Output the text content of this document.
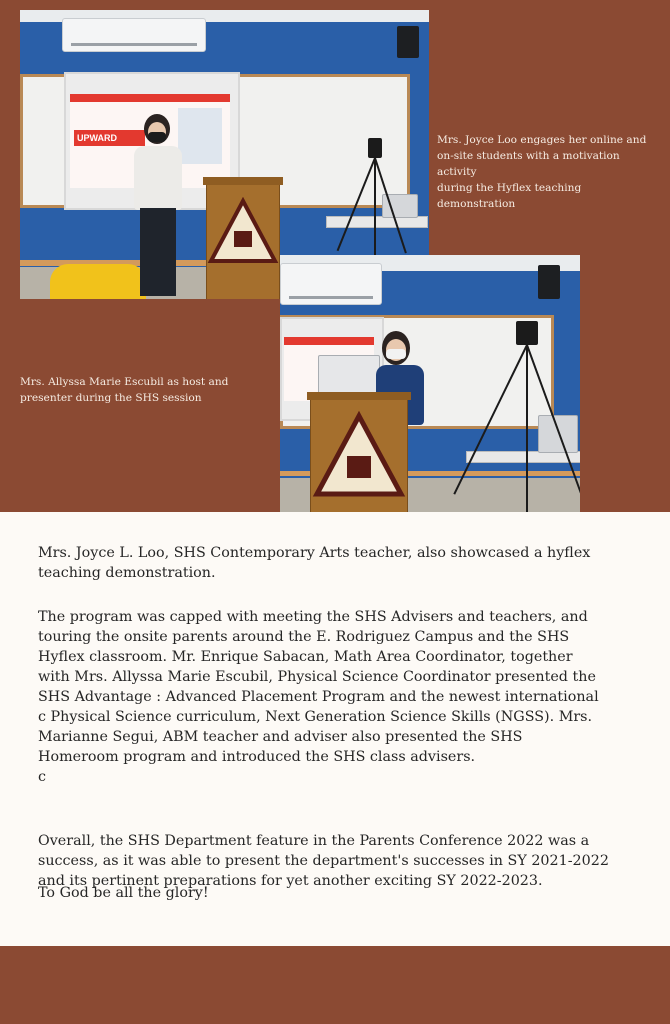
UPWARD	Mrs. Joyce Loo engages her online and
on-site students with a motivation activity
during the Hyflex teaching demonstration

Mrs. Allyssa Marie Escubil as host and
presenter during the SHS session

Mrs. Joyce L. Loo, SHS Contemporary Arts teacher, also showcased a hyflex
teaching demonstration.

The program was capped with meeting the SHS Advisers and teachers, and
touring the onsite parents around the E. Rodriguez Campus and the SHS
Hyflex classroom. Mr. Enrique Sabacan, Math Area Coordinator, together
with Mrs. Allyssa Marie Escubil, Physical Science Coordinator presented the
SHS Advantage : Advanced Placement Program and the newest international
c Physical Science curriculum, Next Generation Science Skills (NGSS). Mrs.
Marianne Segui, ABM teacher and adviser also presented the SHS
Homeroom program and introduced the SHS class advisers.
c

Overall, the SHS Department feature in the Parents Conference 2022 was a
success, as it was able to present the department's successes in SY 2021-2022
and its pertinent preparations for yet another exciting SY 2022-2023.

To God be all the glory!
